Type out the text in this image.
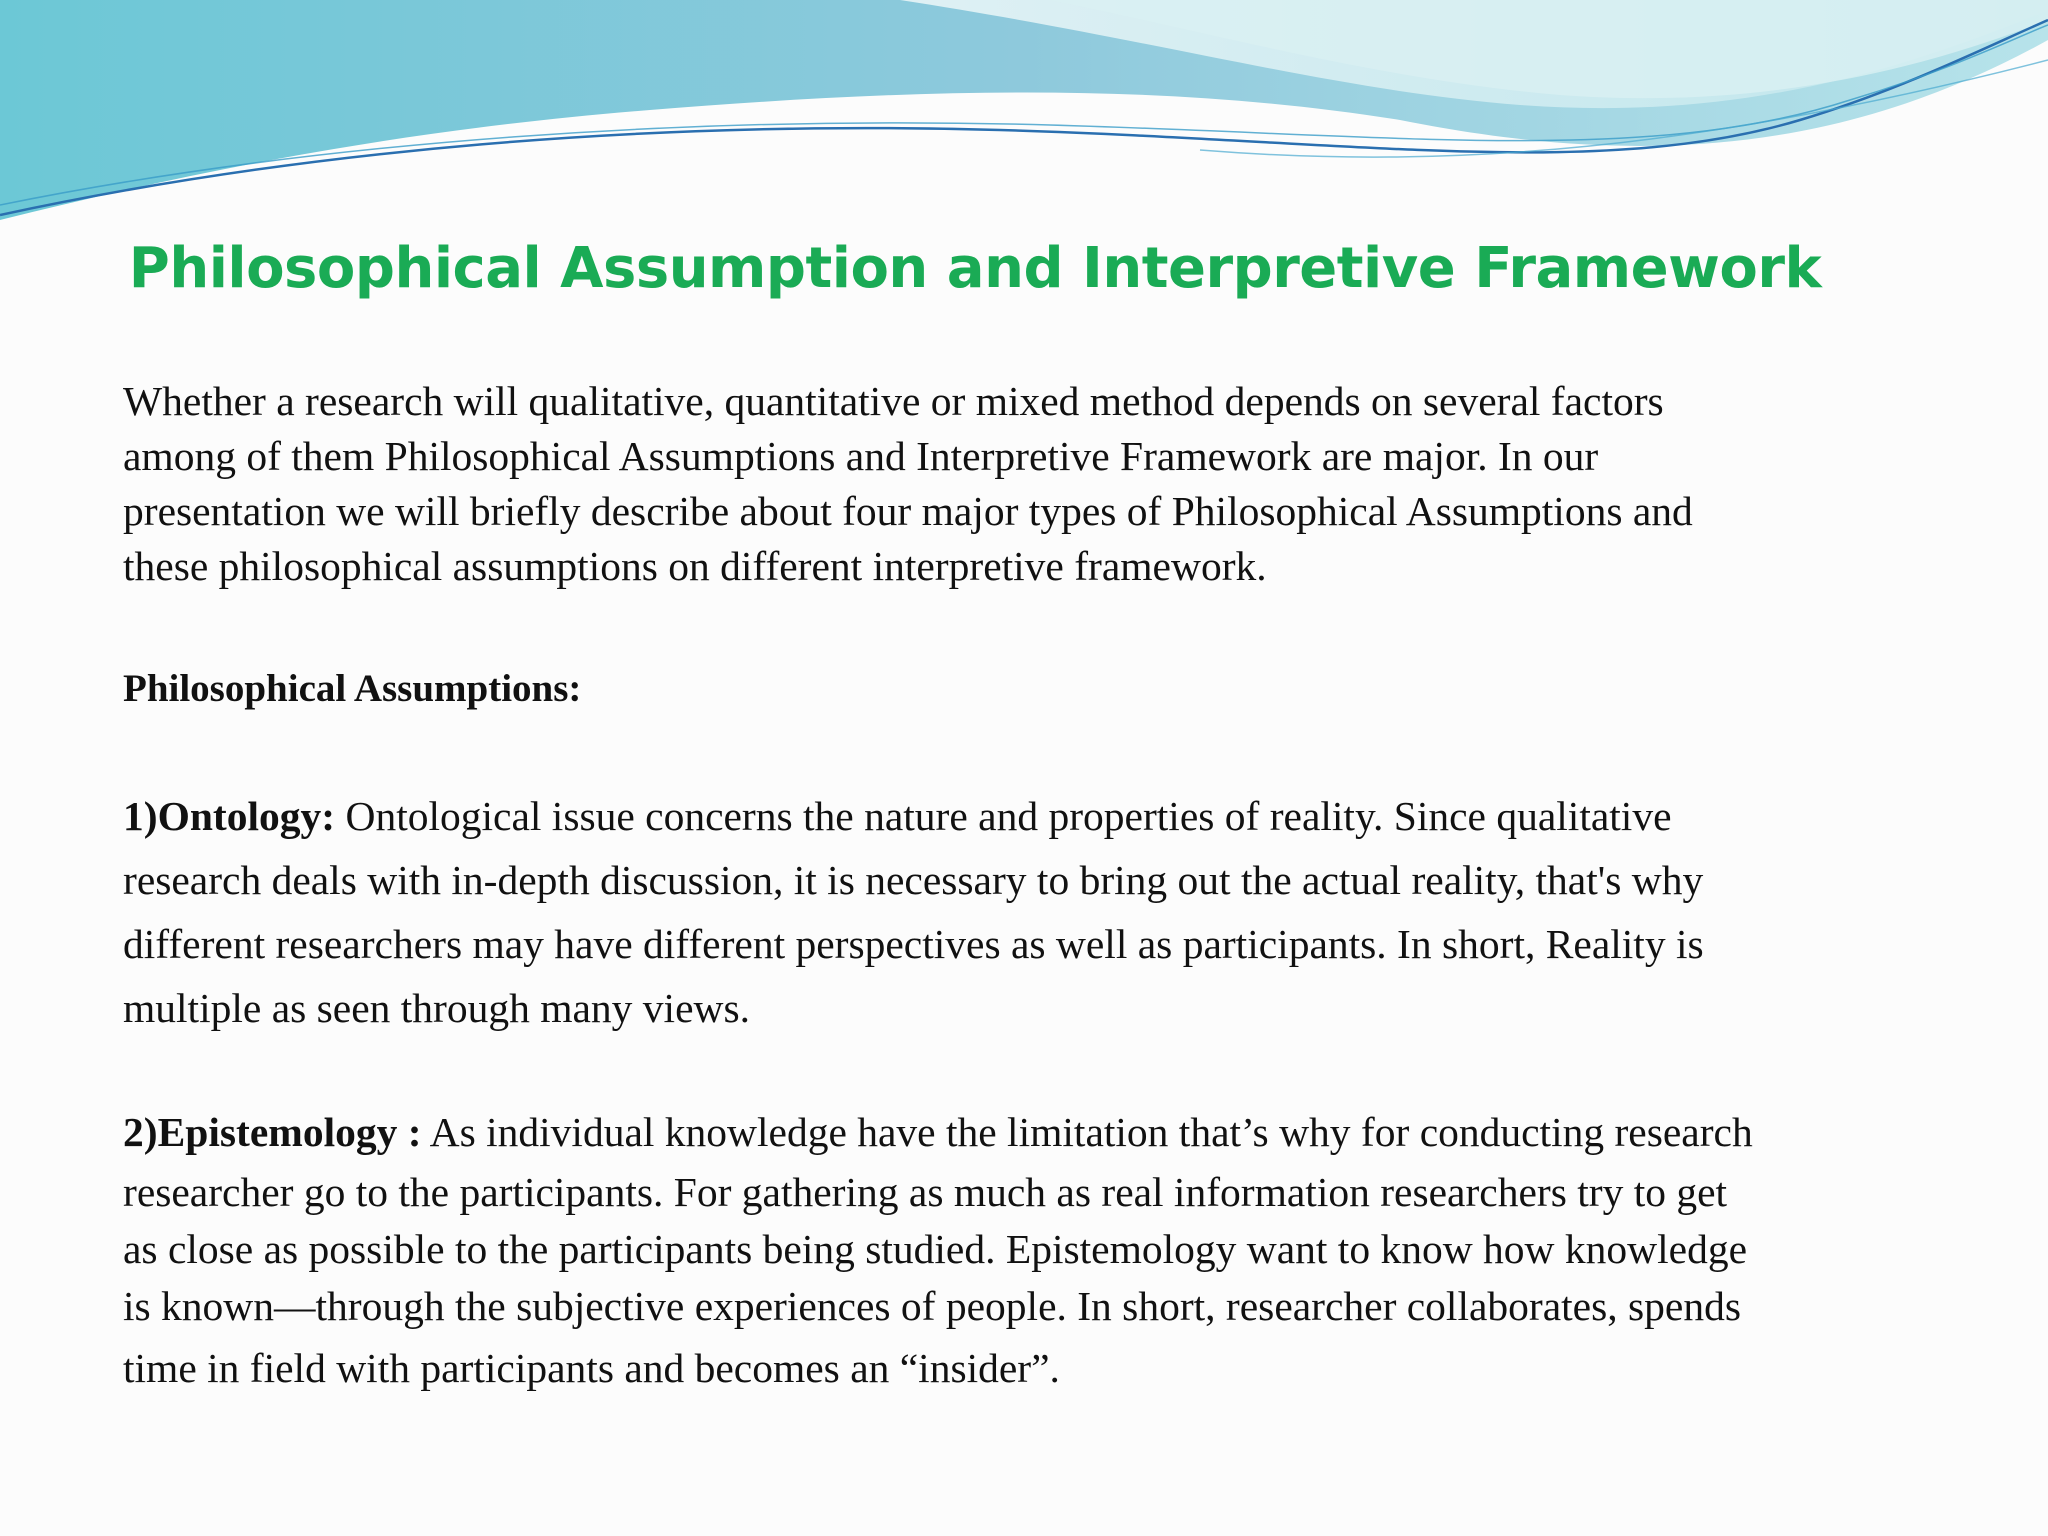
Philosophical Assumption and Interpretive Framework
Whether a research will qualitative, quantitative or mixed method depends on several factors
among of them Philosophical Assumptions and Interpretive Framework are major. In our
presentation we will briefly describe about four major types of Philosophical Assumptions and
these philosophical assumptions on different interpretive framework.
Philosophical Assumptions:
1)Ontology: Ontological issue concerns the nature and properties of reality. Since qualitative
research deals with in-depth discussion, it is necessary to bring out the actual reality, that's why
different researchers may have different perspectives as well as participants. In short, Reality is
multiple as seen through many views.
2)Epistemology : As individual knowledge have the limitation that’s why for conducting research
researcher go to the participants. For gathering as much as real information researchers try to get
as close as possible to the participants being studied. Epistemology want to know how knowledge
is known—through the subjective experiences of people. In short, researcher collaborates, spends
time in field with participants and becomes an “insider”.
